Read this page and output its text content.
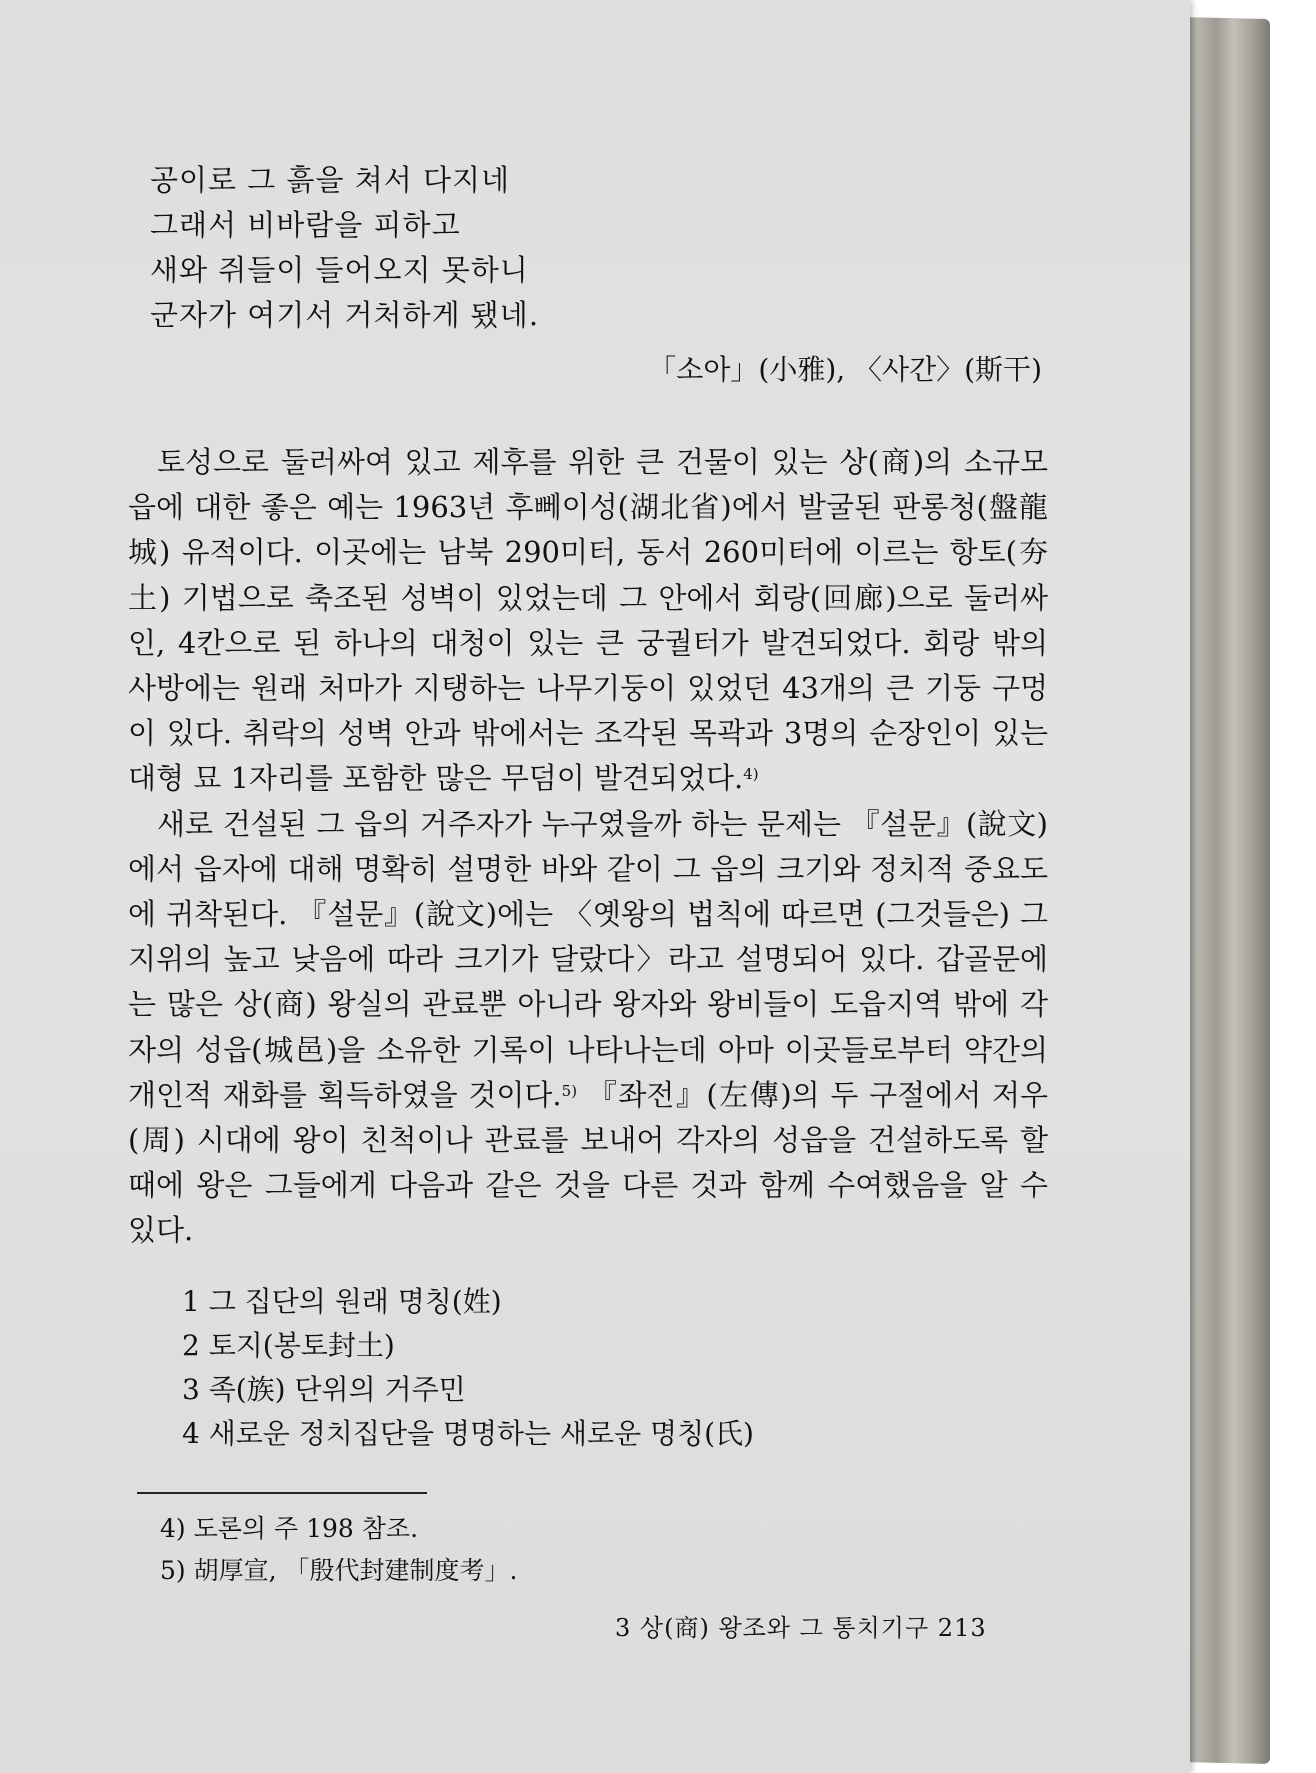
공이로 그 흙을 쳐서 다지네
그래서 비바람을 피하고
새와 쥐들이 들어오지 못하니
군자가 여기서 거처하게 됐네.
「소아」(小雅), 〈사간〉(斯干)

토성으로 둘러싸여 있고 제후를 위한 큰 건물이 있는 상(商)의 소규모 읍에 대한 좋은 예는 1963년 후뻬이성(湖北省)에서 발굴된 판롱청(盤龍城) 유적이다. 이곳에는 남북 290미터, 동서 260미터에 이르는 항토(夯土) 기법으로 축조된 성벽이 있었는데 그 안에서 회랑(回廊)으로 둘러싸인, 4칸으로 된 하나의 대청이 있는 큰 궁궐터가 발견되었다. 회랑 밖의 사방에는 원래 처마가 지탱하는 나무기둥이 있었던 43개의 큰 기둥 구멍이 있다. 취락의 성벽 안과 밖에서는 조각된 목곽과 3명의 순장인이 있는 대형 묘 1자리를 포함한 많은 무덤이 발견되었다.$^{4)}$

새로 건설된 그 읍의 거주자가 누구였을까 하는 문제는 『설문』(說文)에서 읍자에 대해 명확히 설명한 바와 같이 그 읍의 크기와 정치적 중요도에 귀착된다. 『설문』(說文)에는 〈옛왕의 법칙에 따르면 (그것들은) 그 지위의 높고 낮음에 따라 크기가 달랐다〉라고 설명되어 있다. 갑골문에는 많은 상(商) 왕실의 관료뿐 아니라 왕자와 왕비들이 도읍지역 밖에 각자의 성읍(城邑)을 소유한 기록이 나타나는데 아마 이곳들로부터 약간의 개인적 재화를 획득하였을 것이다.$^{5)}$ 『좌전』(左傳)의 두 구절에서 저우(周) 시대에 왕이 친척이나 관료를 보내어 각자의 성읍을 건설하도록 할 때에 왕은 그들에게 다음과 같은 것을 다른 것과 함께 수여했음을 알 수 있다.

1 그 집단의 원래 명칭(姓)
2 토지(봉토封土)
3 족(族) 단위의 거주민
4 새로운 정치집단을 명명하는 새로운 명칭(氏)
4) 도론의 주 198 참조.
5) 胡厚宣, 「殷代封建制度考」.
3 상(商) 왕조와 그 통치기구 213
